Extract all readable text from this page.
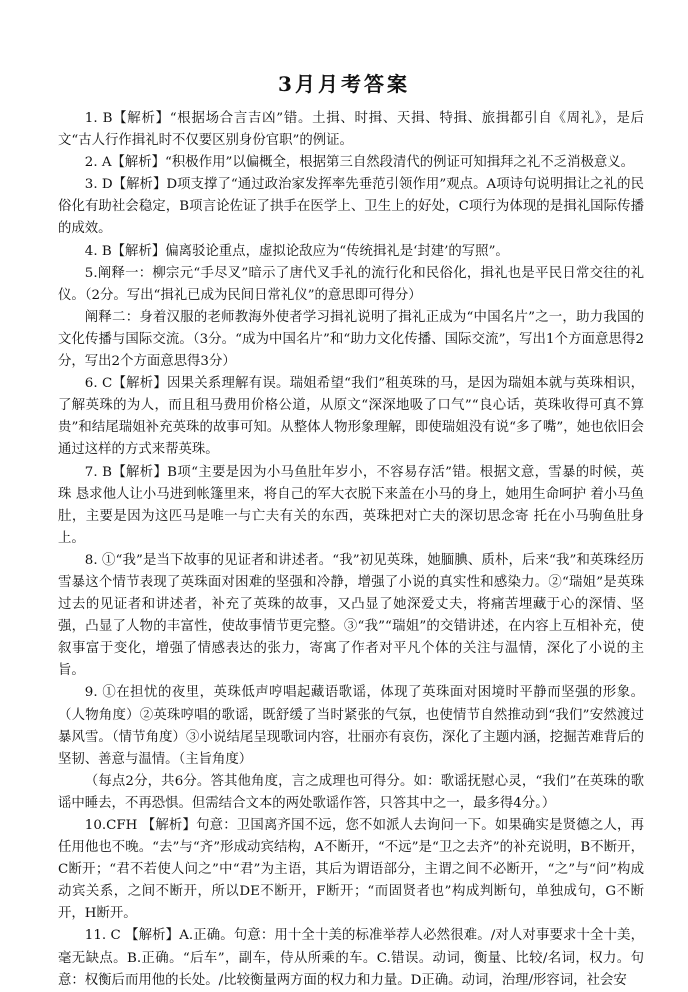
3月月考答案

1. B【解析】“根据场合言吉凶”错。土揖、时揖、天揖、特揖、旅揖都引自《周礼》，是后文“古人行作揖礼时不仅要区别身份官职”的例证。

2. A【解析】“积极作用”以偏概全，根据第三自然段清代的例证可知揖拜之礼不乏消极意义。

3. D【解析】D项支撑了“通过政治家发挥率先垂范引领作用”观点。A项诗句说明揖让之礼的民俗化有助社会稳定，B项言论佐证了拱手在医学上、卫生上的好处，C项行为体现的是揖礼国际传播的成效。

4. B【解析】偏离驳论重点，虚拟论敌应为“传统揖礼是‘封建’的写照”。

5.阐释一：柳宗元“手尽叉”暗示了唐代叉手礼的流行化和民俗化，揖礼也是平民日常交往的礼仪。（2分。写出“揖礼已成为民间日常礼仪”的意思即可得分）

阐释二：身着汉服的老师教海外使者学习揖礼说明了揖礼正成为“中国名片”之一，助力我国的文化传播与国际交流。（3分。“成为中国名片”和“助力文化传播、国际交流”，写出1个方面意思得2分，写出2个方面意思得3分）

6. C【解析】因果关系理解有误。瑞姐希望“我们”租英珠的马，是因为瑞姐本就与英珠相识，了解英珠的为人，而且租马费用价格公道，从原文“深深地吸了口气”“良心话，英珠收得可真不算贵”和结尾瑞姐补充英珠的故事可知。从整体人物形象理解，即使瑞姐没有说“多了嘴”，她也依旧会通过这样的方式来帮英珠。

7. B【解析】B项“主要是因为小马鱼肚年岁小，不容易存活”错。根据文意，雪暴的时候，英珠 恳求他人让小马进到帐篷里来，将自己的军大衣脱下来盖在小马的身上，她用生命呵护 着小马鱼肚，主要是因为这匹马是唯一与亡夫有关的东西，英珠把对亡夫的深切思念寄 托在小马驹鱼肚身上。

8. ①“我”是当下故事的见证者和讲述者。“我”初见英珠，她腼腆、质朴，后来“我”和英珠经历雪暴这个情节表现了英珠面对困难的坚强和冷静，增强了小说的真实性和感染力。②“瑞姐”是英珠过去的见证者和讲述者，补充了英珠的故事，又凸显了她深爱丈夫，将痛苦埋藏于心的深情、坚强，凸显了人物的丰富性，使故事情节更完整。③“我”“瑞姐”的交错讲述，在内容上互相补充，使叙事富于变化，增强了情感表达的张力，寄寓了作者对平凡个体的关注与温情，深化了小说的主旨。

9. ①在担忧的夜里，英珠低声哼唱起藏语歌谣，体现了英珠面对困境时平静而坚强的形象。（人物角度）②英珠哼唱的歌谣，既舒缓了当时紧张的气氛，也使情节自然推动到“我们”安然渡过暴风雪。（情节角度）③小说结尾呈现歌词内容，壮丽亦有哀伤，深化了主题内涵，挖掘苦难背后的坚韧、善意与温情。（主旨角度）

（每点2分，共6分。答其他角度，言之成理也可得分。如：歌谣抚慰心灵，“我们”在英珠的歌谣中睡去，不再恐惧。但需结合文本的两处歌谣作答，只答其中之一，最多得4分。）

10.CFH 【解析】句意：卫国离齐国不远，您不如派人去询问一下。如果确实是贤德之人，再任用他也不晚。“去”与“齐”形成动宾结构，A不断开，“不远”是“卫之去齐”的补充说明，B不断开，C断开；“君不若使人问之”中“君”为主语，其后为谓语部分，主谓之间不必断开，“之”与“问”构成动宾关系，之间不断开，所以DE不断开，F断开；“而固贤者也”构成判断句，单独成句，G不断开，H断开。

11. C 【解析】A.正确。句意：用十全十美的标准举荐人必然很难。/对人对事要求十全十美，毫无缺点。B.正确。“后车”，副车，侍从所乘的车。C.错误。动词，衡量、比较/名词，权力。句意：权衡后而用他的长处。/比较衡量两方面的权力和力量。D正确。动词，治理/形容词，社会安
